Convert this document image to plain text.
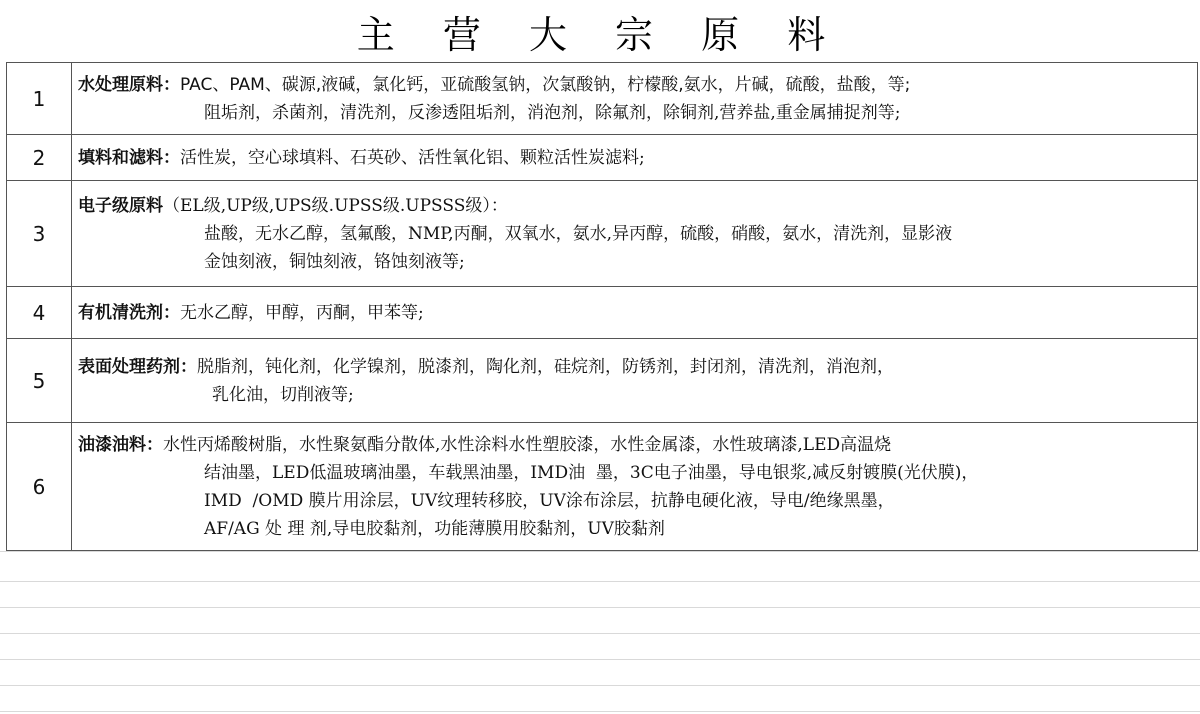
主 营 大 宗 原 料
1	水处理原料：PAC、PAM、碳源,液碱，氯化钙，亚硫酸氢钠，次氯酸钠，柠檬酸,氨水，片碱，硫酸，盐酸，等;
阻垢剂，杀菌剂，清洗剂，反渗透阻垢剂，消泡剂，除氟剂，除铜剂,营养盐,重金属捕捉剂等;

2	填料和滤料：活性炭，空心球填料、石英砂、活性氧化铝、颗粒活性炭滤料;

3	电子级原料（EL级,UP级,UPS级.UPSS级.UPSSS级）：
盐酸，无水乙醇，氢氟酸，NMP,丙酮，双氧水，氨水,异丙醇，硫酸，硝酸，氨水，清洗剂，显影液
金蚀刻液，铜蚀刻液，铬蚀刻液等;

4	有机清洗剂：无水乙醇，甲醇，丙酮，甲苯等;

5	表面处理药剂：脱脂剂，钝化剂，化学镍剂，脱漆剂，陶化剂，硅烷剂，防锈剂，封闭剂，清洗剂，消泡剂，
乳化油，切削液等;

6	油漆油料：水性丙烯酸树脂，水性聚氨酯分散体,水性涂料水性塑胶漆，水性金属漆，水性玻璃漆,LED高温烧
结油墨，LED低温玻璃油墨，车载黑油墨，IMD油  墨，3C电子油墨，导电银浆,减反射镀膜(光伏膜)，
IMD  /OMD 膜片用涂层，UV纹理转移胶，UV涂布涂层，抗静电硬化液，导电/绝缘黑墨，
AF/AG 处 理 剂,导电胶黏剂，功能薄膜用胶黏剂，UV胶黏剂
